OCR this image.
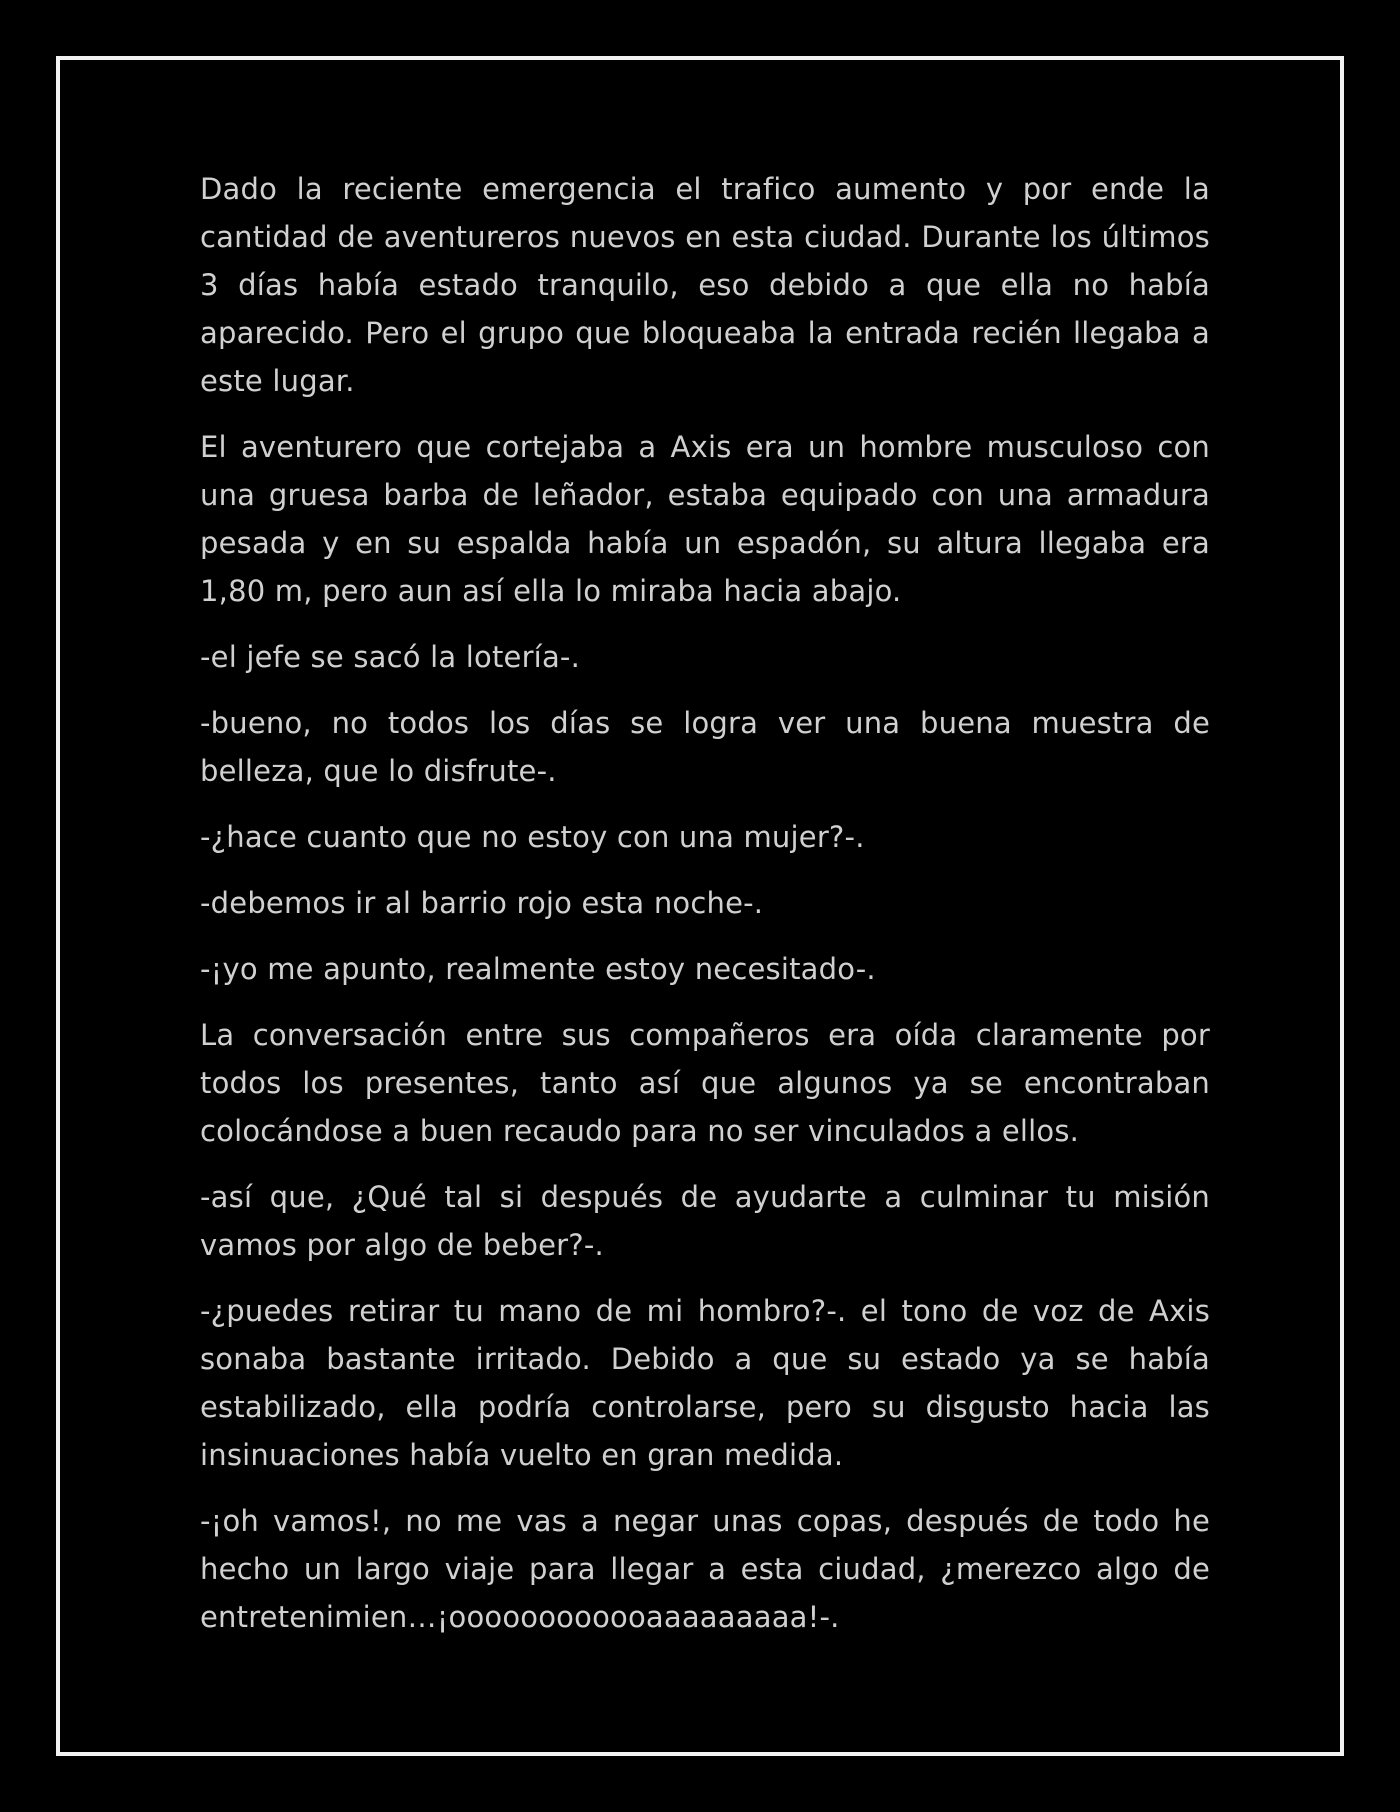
Dado la reciente emergencia el trafico aumento y por ende la cantidad de aventureros nuevos en esta ciudad. Durante los últimos 3 días había estado tranquilo, eso debido a que ella no había aparecido. Pero el grupo que bloqueaba la entrada recién llegaba a este lugar.

El aventurero que cortejaba a Axis era un hombre musculoso con una gruesa barba de leñador, estaba equipado con una armadura pesada y en su espalda había un espadón, su altura llegaba era 1,80 m, pero aun así ella lo miraba hacia abajo.

-el jefe se sacó la lotería-.

-bueno, no todos los días se logra ver una buena muestra de belleza, que lo disfrute-.

-¿hace cuanto que no estoy con una mujer?-.

-debemos ir al barrio rojo esta noche-.

-¡yo me apunto, realmente estoy necesitado-.

La conversación entre sus compañeros era oída claramente por todos los presentes, tanto así que algunos ya se encontraban colocándose a buen recaudo para no ser vinculados a ellos.

-así que, ¿Qué tal si después de ayudarte a culminar tu misión vamos por algo de beber?-.

-¿puedes retirar tu mano de mi hombro?-. el tono de voz de Axis sonaba bastante irritado. Debido a que su estado ya se había estabilizado, ella podría controlarse, pero su disgusto hacia las insinuaciones había vuelto en gran medida.

-¡oh vamos!, no me vas a negar unas copas, después de todo he hecho un largo viaje para llegar a esta ciudad, ¿merezco algo de entretenimien…¡oooooooooooaaaaaaaaa!-.
